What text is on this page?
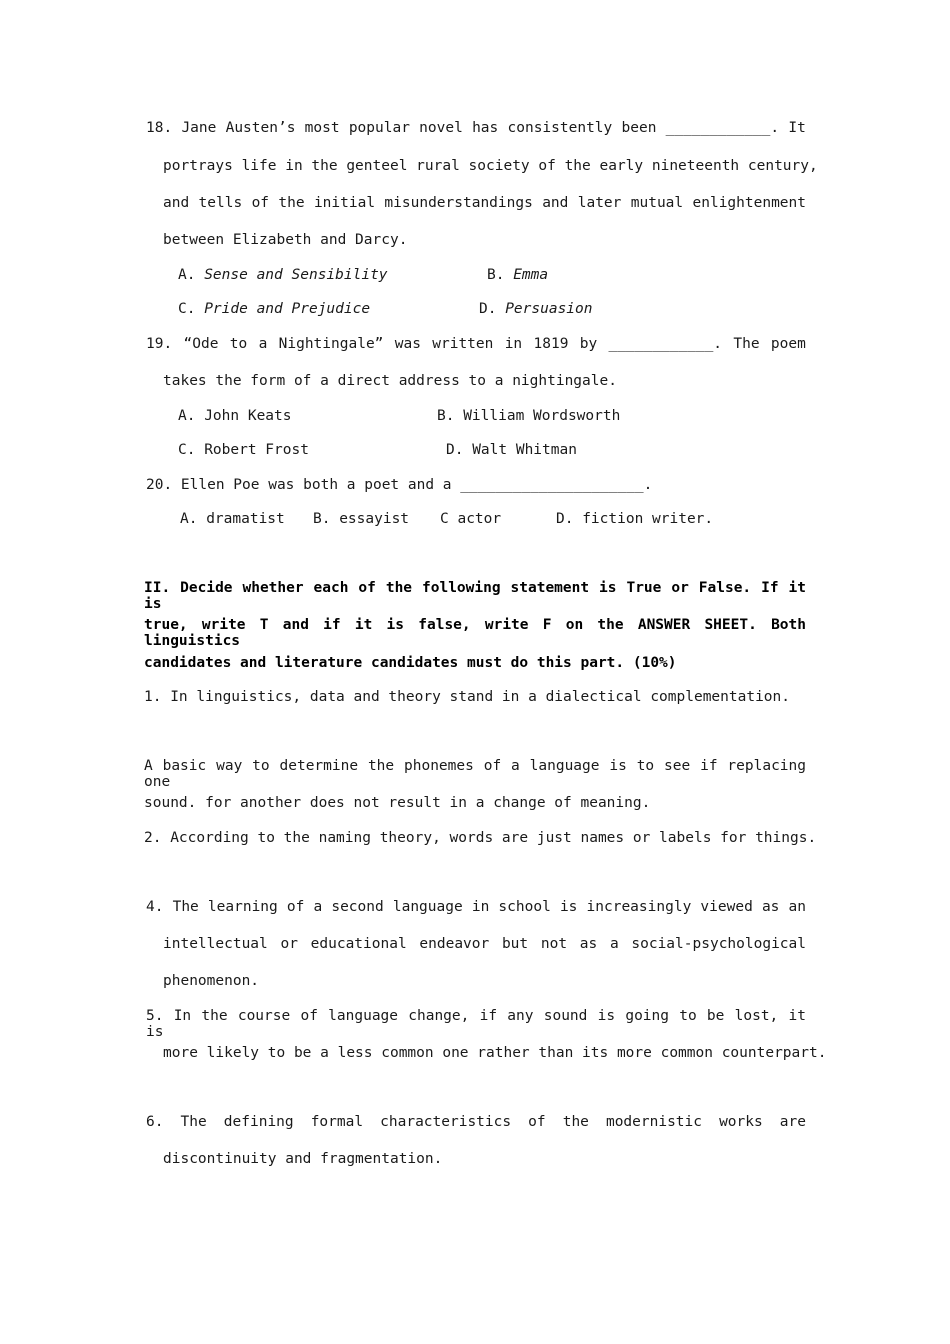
18. Jane Austen’s most popular novel has consistently been ____________. It
portrays life in the genteel rural society of the early nineteenth century,
and tells of the initial misunderstandings and later mutual enlightenment
between Elizabeth and Darcy.
A. Sense and Sensibility	B. Emma
C. Pride and Prejudice	D. Persuasion
19. “Ode to a Nightingale” was written in 1819 by ____________. The poem
takes the form of a direct address to a nightingale.
A. John Keats	B. William Wordsworth
C. Robert Frost	D. Walt Whitman
20. Ellen Poe was both a poet and a _____________________.
A. dramatist B. essayist C actor	D. fiction writer.
II. Decide whether each of the following statement is True or False. If it is
true, write T and if it is false, write F on the ANSWER SHEET. Both linguistics
candidates and literature candidates must do this part. (10%)
1. In linguistics, data and theory stand in a dialectical complementation.
A basic way to determine the phonemes of a language is to see if replacing one
sound. for another does not result in a change of meaning.
2. According to the naming theory, words are just names or labels for things.
4. The learning of a second language in school is increasingly viewed as an
intellectual or educational endeavor but not as a social-psychological
phenomenon.
5. In the course of language change, if any sound is going to be lost, it is
more likely to be a less common one rather than its more common counterpart.
6. The defining formal characteristics of the modernistic works are
discontinuity and fragmentation.
